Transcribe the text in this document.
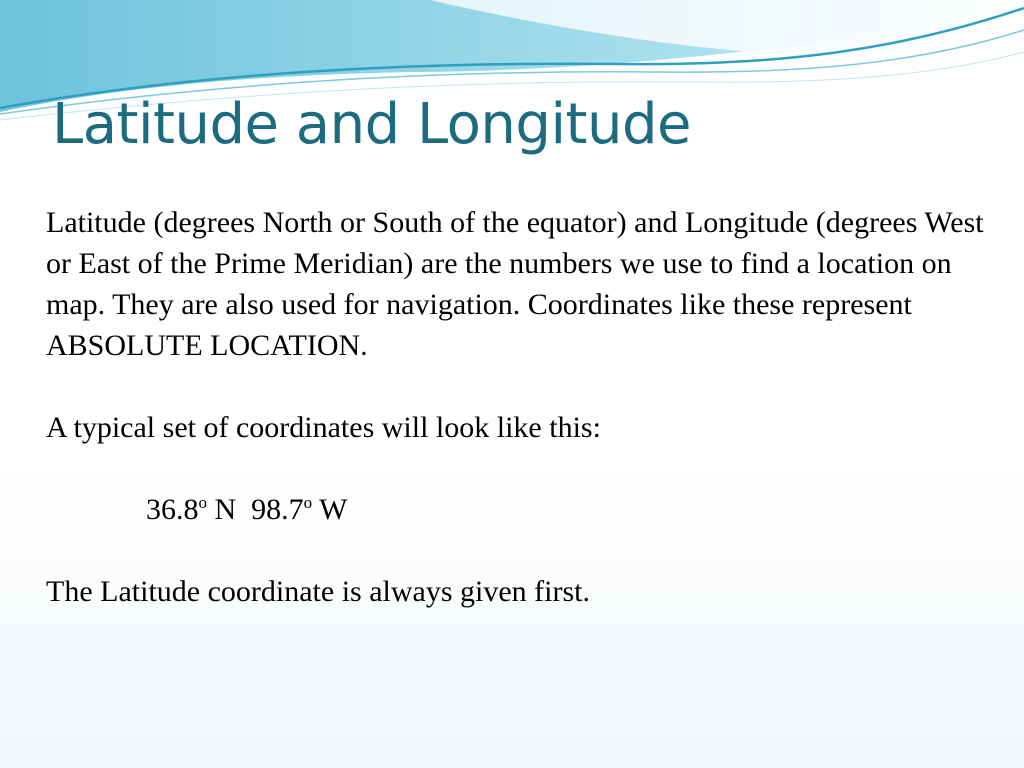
Latitude and Longitude

Latitude (degrees North or South of the equator) and Longitude (degrees West or East of the Prime Meridian) are the numbers we use to find a location on map. They are also used for navigation. Coordinates like these represent ABSOLUTE LOCATION.

A typical set of coordinates will look like this:

36.8$^o$ N  98.7$^o$ W

The Latitude coordinate is always given first.
